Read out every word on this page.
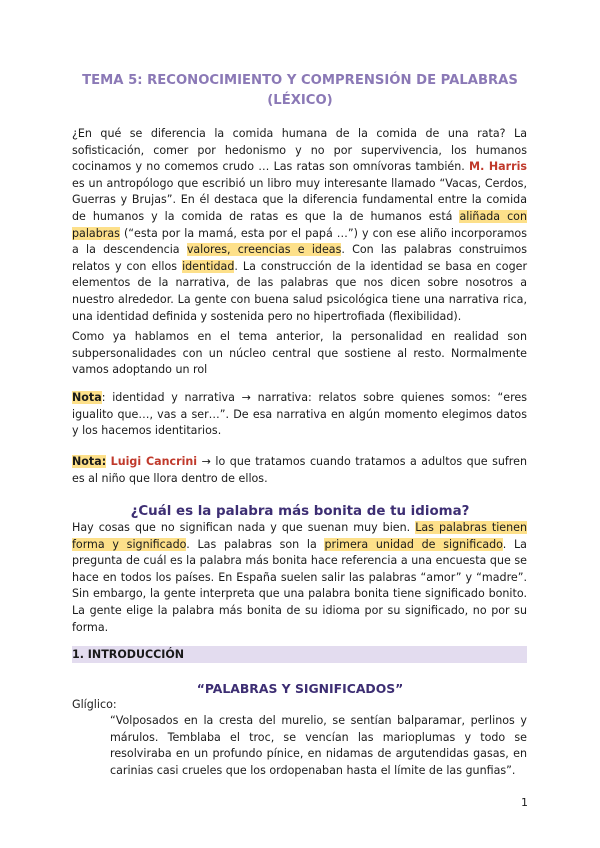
TEMA 5: RECONOCIMIENTO Y COMPRENSIÓN DE PALABRAS
(LÉXICO)
¿En qué se diferencia la comida humana de la comida de una rata? La sofisticación, comer por hedonismo y no por supervivencia, los humanos cocinamos y no comemos crudo … Las ratas son omnívoras también. M. Harris es un antropólogo que escribió un libro muy interesante llamado “Vacas, Cerdos, Guerras y Brujas”. En él destaca que la diferencia fundamental entre la comida de humanos y la comida de ratas es que la de humanos está aliñada con palabras (“esta por la mamá, esta por el papá …”) y con ese aliño incorporamos a la descendencia valores, creencias e ideas. Con las palabras construimos relatos y con ellos identidad. La construcción de la identidad se basa en coger elementos de la narrativa, de las palabras que nos dicen sobre nosotros a nuestro alrededor. La gente con buena salud psicológica tiene una narrativa rica, una identidad definida y sostenida pero no hipertrofiada (flexibilidad).
Como ya hablamos en el tema anterior, la personalidad en realidad son subpersonalidades con un núcleo central que sostiene al resto. Normalmente vamos adoptando un rol
Nota: identidad y narrativa → narrativa: relatos sobre quienes somos: “eres igualito que…, vas a ser…”. De esa narrativa en algún momento elegimos datos y los hacemos identitarios.
Nota: Luigi Cancrini → lo que tratamos cuando tratamos a adultos que sufren es al niño que llora dentro de ellos.
¿Cuál es la palabra más bonita de tu idioma?
Hay cosas que no significan nada y que suenan muy bien. Las palabras tienen forma y significado. Las palabras son la primera unidad de significado. La pregunta de cuál es la palabra más bonita hace referencia a una encuesta que se hace en todos los países. En España suelen salir las palabras “amor” y “madre”. Sin embargo, la gente interpreta que una palabra bonita tiene significado bonito. La gente elige la palabra más bonita de su idioma por su significado, no por su forma.
1. INTRODUCCIÓN
“PALABRAS Y SIGNIFICADOS”
Glíglico:
“Volposados en la cresta del murelio, se sentían balparamar, perlinos y márulos. Temblaba el troc, se vencían las marioplumas y todo se resolviraba en un profundo pínice, en nidamas de argutendidas gasas, en carinias casi crueles que los ordopenaban hasta el límite de las gunfias”.
1
